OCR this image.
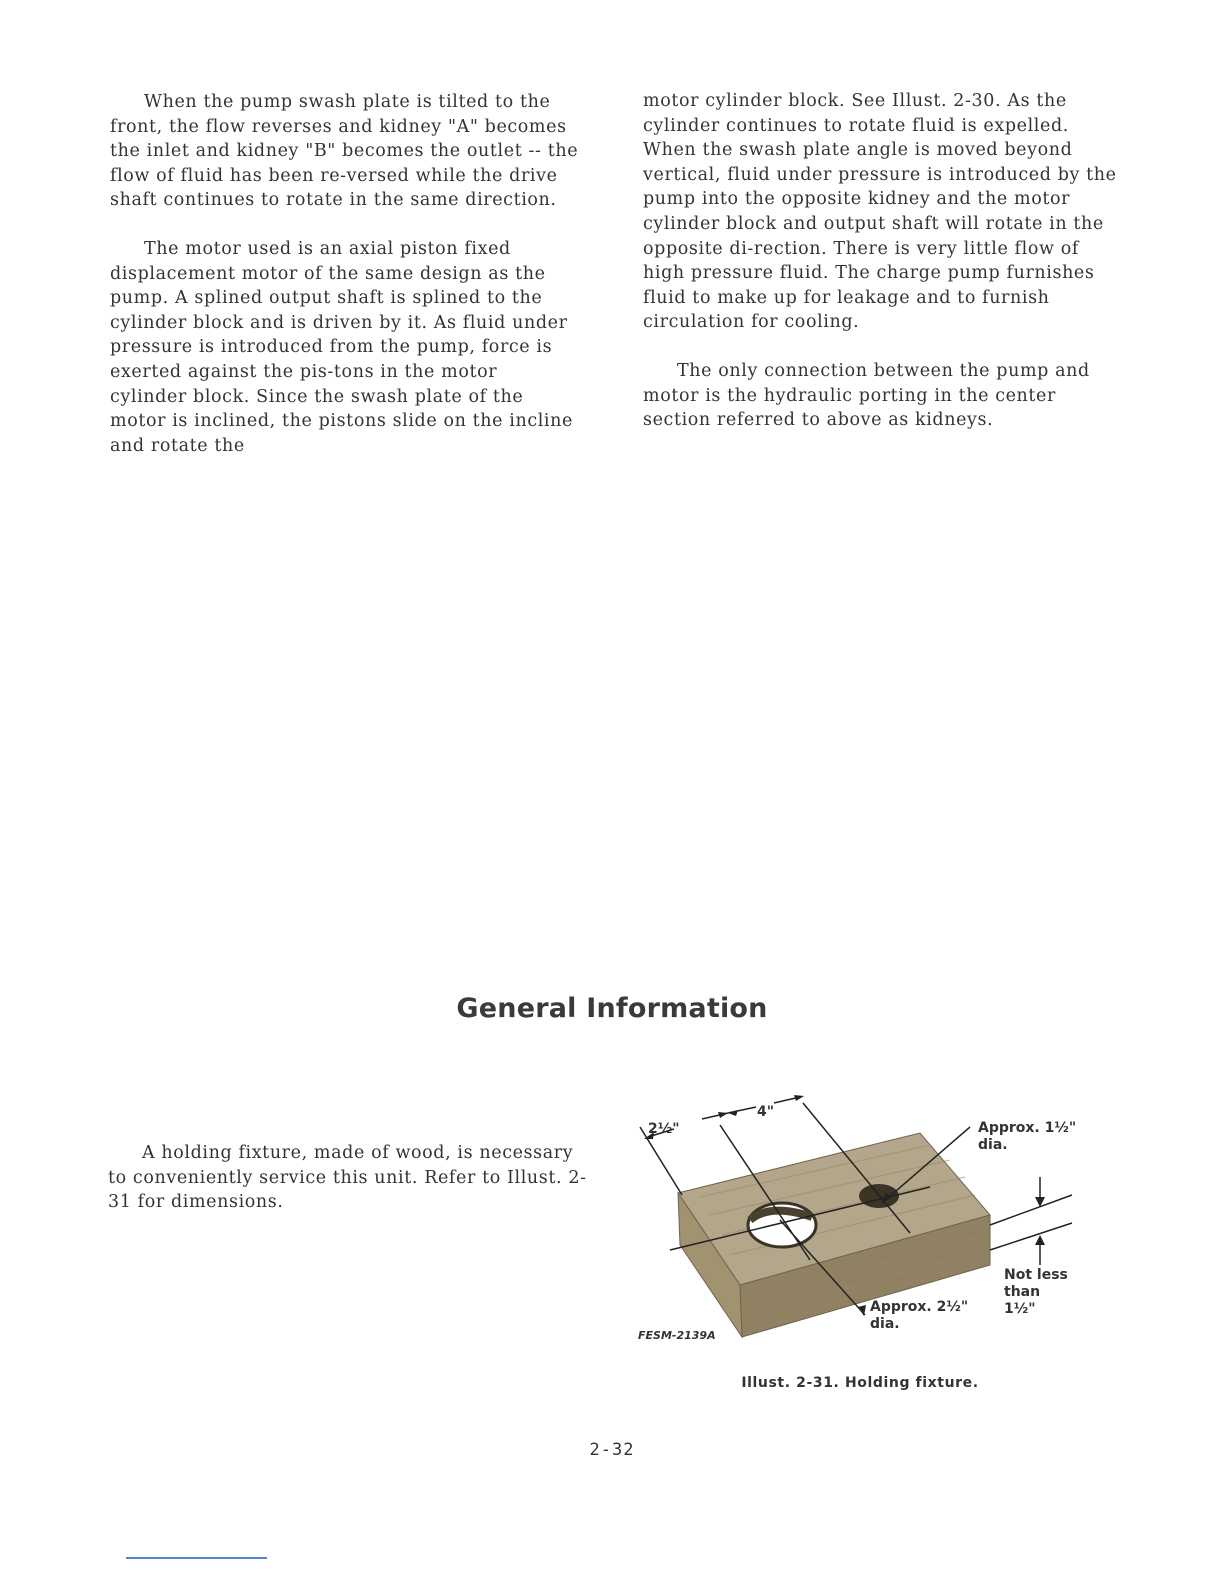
When the pump swash plate is tilted to the front, the flow reverses and kidney "A" becomes the inlet and kidney "B" becomes the outlet -- the flow of fluid has been re-versed while the drive shaft continues to rotate in the same direction.

The motor used is an axial piston fixed displacement motor of the same design as the pump. A splined output shaft is splined to the cylinder block and is driven by it. As fluid under pressure is introduced from the pump, force is exerted against the pis-tons in the motor cylinder block. Since the swash plate of the motor is inclined, the pistons slide on the incline and rotate the

motor cylinder block. See Illust. 2-30. As the cylinder continues to rotate fluid is expelled. When the swash plate angle is moved beyond vertical, fluid under pressure is introduced by the pump into the opposite kidney and the motor cylinder block and output shaft will rotate in the opposite di-rection. There is very little flow of high pressure fluid. The charge pump furnishes fluid to make up for leakage and to furnish circulation for cooling.

The only connection between the pump and motor is the hydraulic porting in the center section referred to above as kidneys.

General Information

A holding fixture, made of wood, is necessary to conveniently service this unit. Refer to Illust. 2-31 for dimensions.

2½"
4"
Approx. 1½" dia.
Not less than 1½"
Approx. 2½" dia.
FESM-2139A
Illust. 2-31. Holding fixture.
2-32
